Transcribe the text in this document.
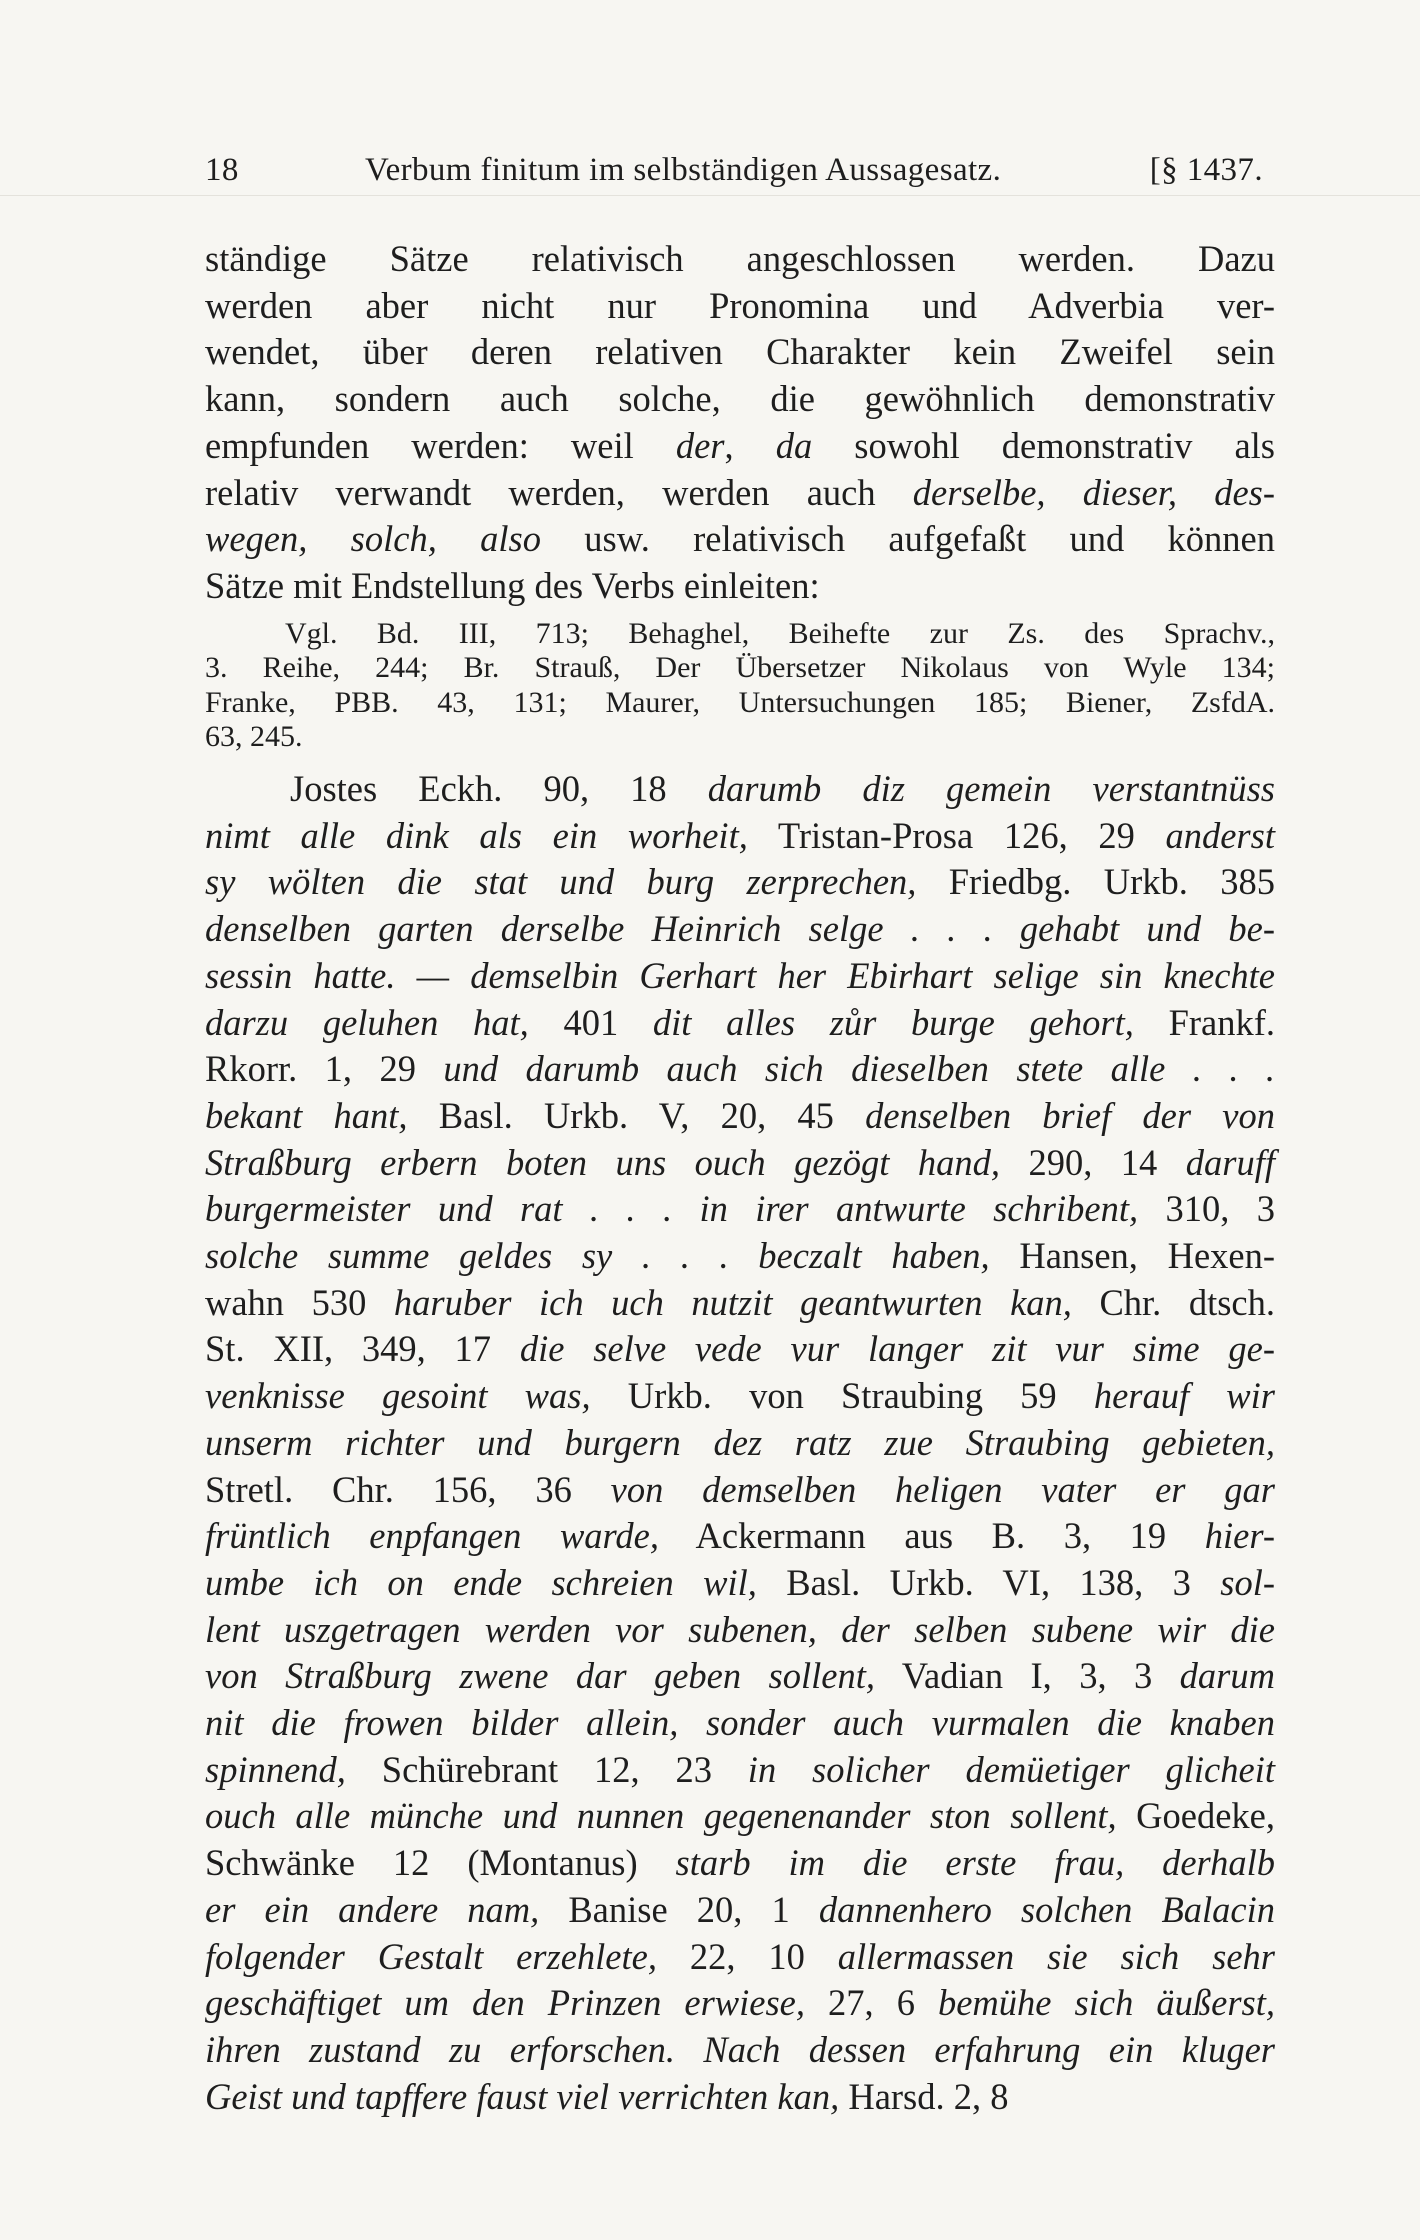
18	Verbum finitum im selbständigen Aussagesatz.	[§ 1437.
ständige Sätze relativisch angeschlossen werden. Dazu
werden aber nicht nur Pronomina und Adverbia ver-
wendet, über deren relativen Charakter kein Zweifel sein
kann, sondern auch solche, die gewöhnlich demonstrativ
empfunden werden: weil der, da sowohl demonstrativ als
relativ verwandt werden, werden auch derselbe, dieser, des-
wegen, solch, also usw. relativisch aufgefaßt und können
Sätze mit Endstellung des Verbs einleiten:
Vgl. Bd. III, 713; Behaghel, Beihefte zur Zs. des Sprachv.,
3. Reihe, 244; Br. Strauß, Der Übersetzer Nikolaus von Wyle 134;
Franke, PBB. 43, 131; Maurer, Untersuchungen 185; Biener, ZsfdA.
63, 245.
Jostes Eckh. 90, 18 darumb diz gemein verstantnüss
nimt alle dink als ein worheit, Tristan-Prosa 126, 29 anderst
sy wölten die stat und burg zerprechen, Friedbg. Urkb. 385
denselben garten derselbe Heinrich selge . . . gehabt und be-
sessin hatte. — demselbin Gerhart her Ebirhart selige sin knechte
darzu geluhen hat, 401 dit alles zůr burge gehort, Frankf.
Rkorr. 1, 29 und darumb auch sich dieselben stete alle . . .
bekant hant, Basl. Urkb. V, 20, 45 denselben brief der von
Straßburg erbern boten uns ouch gezögt hand, 290, 14 daruff
burgermeister und rat . . . in irer antwurte schribent, 310, 3
solche summe geldes sy . . . beczalt haben, Hansen, Hexen-
wahn 530 haruber ich uch nutzit geantwurten kan, Chr. dtsch.
St. XII, 349, 17 die selve vede vur langer zit vur sime ge-
venknisse gesoint was, Urkb. von Straubing 59 herauf wir
unserm richter und burgern dez ratz zue Straubing gebieten,
Stretl. Chr. 156, 36 von demselben heligen vater er gar
früntlich enpfangen warde, Ackermann aus B. 3, 19 hier-
umbe ich on ende schreien wil, Basl. Urkb. VI, 138, 3 sol-
lent uszgetragen werden vor subenen, der selben subene wir die
von Straßburg zwene dar geben sollent, Vadian I, 3, 3 darum
nit die frowen bilder allein, sonder auch vurmalen die knaben
spinnend, Schürebrant 12, 23 in solicher demüetiger glicheit
ouch alle münche und nunnen gegenenander ston sollent, Goedeke,
Schwänke 12 (Montanus) starb im die erste frau, derhalb
er ein andere nam, Banise 20, 1 dannenhero solchen Balacin
folgender Gestalt erzehlete, 22, 10 allermassen sie sich sehr
geschäftiget um den Prinzen erwiese, 27, 6 bemühe sich äußerst,
ihren zustand zu erforschen. Nach dessen erfahrung ein kluger
Geist und tapffere faust viel verrichten kan, Harsd. 2, 8
